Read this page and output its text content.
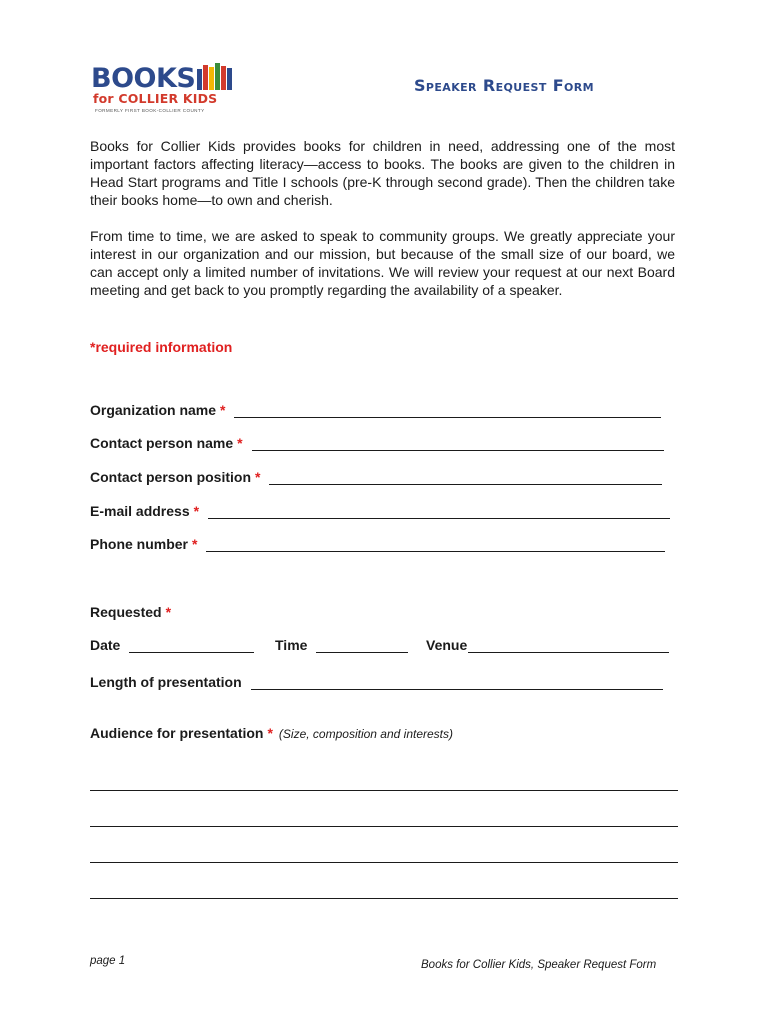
BOOKS
for COLLIER KIDS
FORMERLY FIRST BOOK-COLLIER COUNTY
Speaker Request Form
Books for Collier Kids provides books for children in need, addressing one of the most important factors affecting literacy—access to books. The books are given to the children in Head Start programs and Title I schools (pre-K through second grade). Then the children take their books home—to own and cherish.
From time to time, we are asked to speak to community groups. We greatly appreciate your interest in our organization and our mission, but because of the small size of our board, we can accept only a limited number of invitations. We will review your request at our next Board meeting and get back to you promptly regarding the availability of a speaker.
*required information
Organization name *
Contact person name *
Contact person position *
E-mail address *
Phone number *
Requested *
Date	Time	Venue
Length of presentation
Audience for presentation * (Size, composition and interests)
page 1	Books for Collier Kids, Speaker Request Form
